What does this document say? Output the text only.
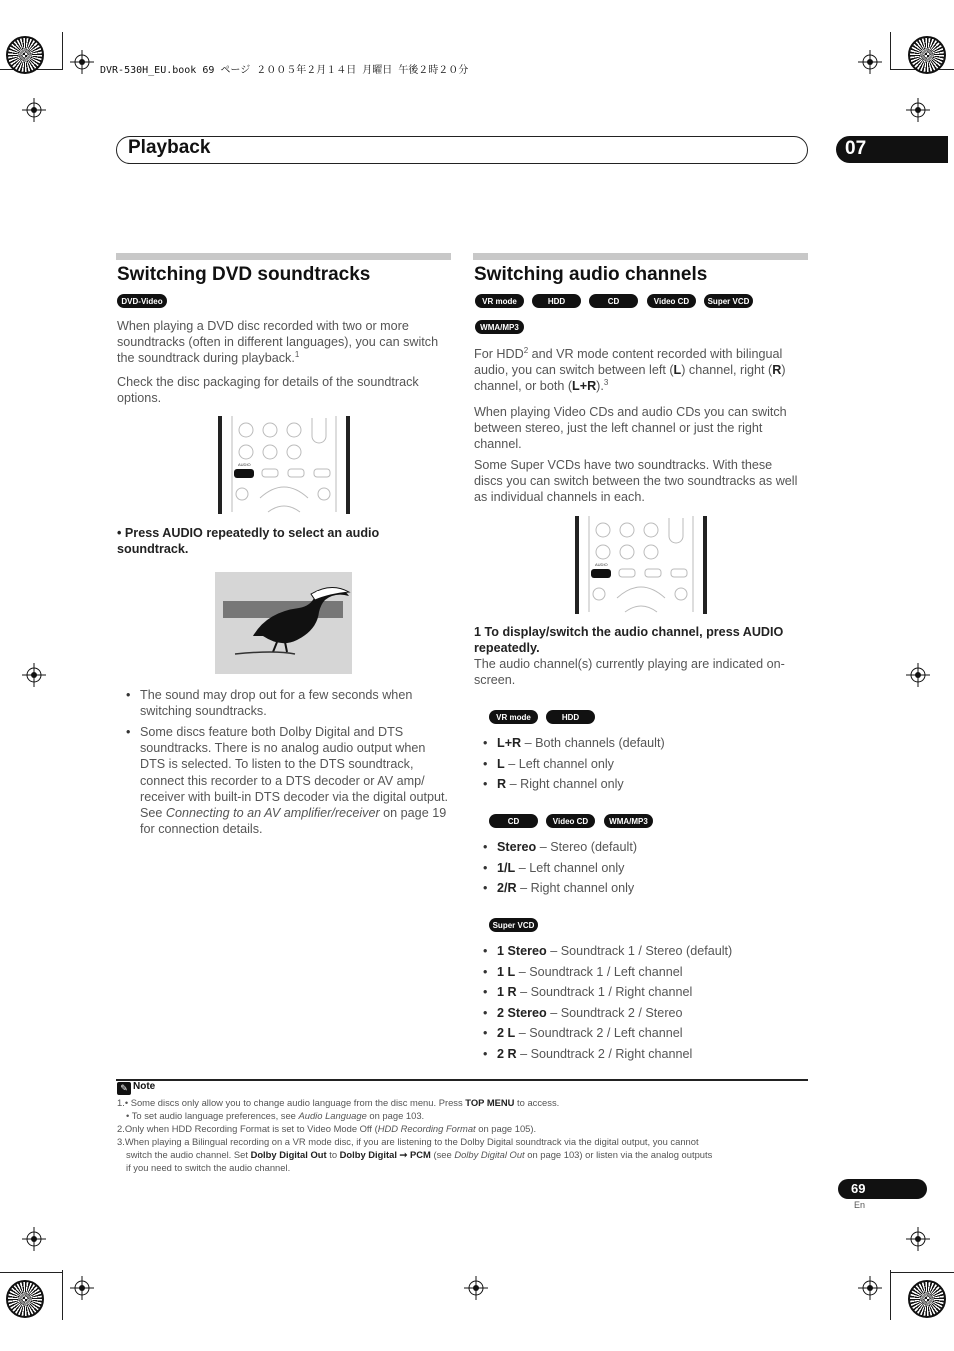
DVR-530H_EU.book 69 ページ ２００５年２月１４日 月曜日 午後２時２０分
Playback	07
Switching DVD soundtracks
DVD-Video
When playing a DVD disc recorded with two or more soundtracks (often in different languages), you can switch the soundtrack during playback.$^1$
Check the disc packaging for details of the soundtrack options.
AUDIO
• Press AUDIO repeatedly to select an audio soundtrack.
• The sound may drop out for a few seconds when switching soundtracks.
• Some discs feature both Dolby Digital and DTS soundtracks. There is no analog audio output when DTS is selected. To listen to the DTS soundtrack, connect this recorder to a DTS decoder or AV amp/ receiver with built-in DTS decoder via the digital output. See Connecting to an AV amplifier/receiver on page 19 for connection details.
Switching audio channels
VR mode	HDD	CD	Video CD	Super VCD
WMA/MP3
For HDD$^2$ and VR mode content recorded with bilingual audio, you can switch between left (L) channel, right (R) channel, or both (L+R).$^3$
When playing Video CDs and audio CDs you can switch between stereo, just the left channel or just the right channel.
Some Super VCDs have two soundtracks. With these discs you can switch between the two soundtracks as well as individual channels in each.
AUDIO
1 To display/switch the audio channel, press AUDIO repeatedly.
The audio channel(s) currently playing are indicated on-screen.
VR mode	HDD
• L+R – Both channels (default)
• L – Left channel only
• R – Right channel only
CD	Video CD	WMA/MP3
• Stereo – Stereo (default)
• 1/L – Left channel only
• 2/R – Right channel only
Super VCD
• 1 Stereo – Soundtrack 1 / Stereo (default)
• 1 L – Soundtrack 1 / Left channel
• 1 R – Soundtrack 1 / Right channel
• 2 Stereo – Soundtrack 2 / Stereo
• 2 L – Soundtrack 2 / Left channel
• 2 R – Soundtrack 2 / Right channel
✎ Note
1.• Some discs only allow you to change audio language from the disc menu. Press TOP MENU to access.
• To set audio language preferences, see Audio Language on page 103.
2.Only when HDD Recording Format is set to Video Mode Off (HDD Recording Format on page 105).
3.When playing a Bilingual recording on a VR mode disc, if you are listening to the Dolby Digital soundtrack via the digital output, you cannot
switch the audio channel. Set Dolby Digital Out to Dolby Digital ➞ PCM (see Dolby Digital Out on page 103) or listen via the analog outputs
if you need to switch the audio channel.
69
En
